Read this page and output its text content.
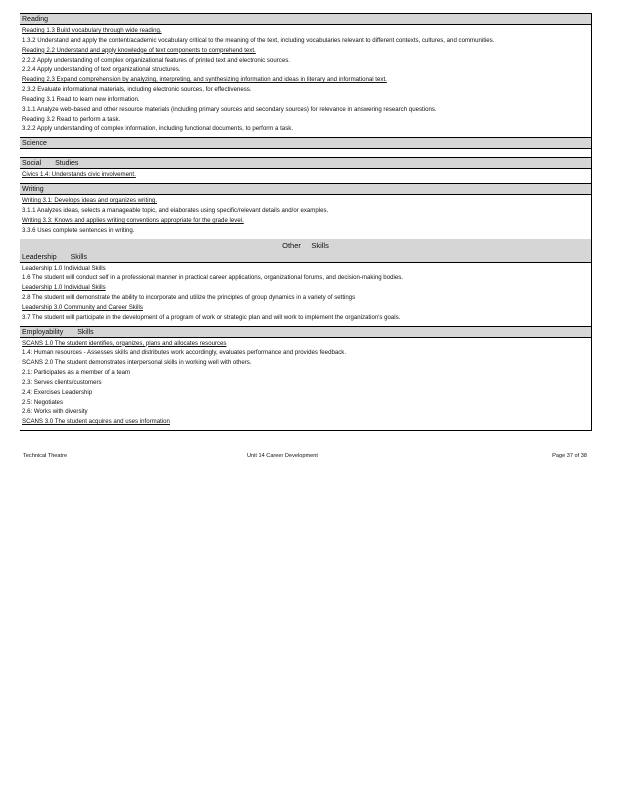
Reading
Reading 1.3 Build vocabulary through wide reading.
1.3.2 Understand and apply the content/academic vocabulary critical to the meaning of the text, including vocabularies relevant to different contexts, cultures, and communities.
Reading 2.2 Understand and apply knowledge of text components to comprehend text.
2.2.2 Apply understanding of complex organizational features of printed text and electronic sources.
2.2.4 Apply understanding of text organizational structures.
Reading 2.3 Expand comprehension by analyzing, interpreting, and synthesizing information and ideas in literary and informational text.
2.3.2 Evaluate informational materials, including electronic sources, for effectiveness.
Reading 3.1 Read to learn new information.
3.1.1 Analyze web-based and other resource materials (including primary sources and secondary sources) for relevance in answering research questions.
Reading 3.2 Read to perform a task.
3.2.2 Apply understanding of complex information, including functional documents, to perform a task.
Science
Social Studies
Civics 1.4: Understands civic involvement.
Writing
Writing 3.1: Develops ideas and organizes writing.
3.1.1 Analyzes ideas, selects a manageable topic, and elaborates using specific/relevant details and/or examples.
Writing 3.3: Knows and applies writing conventions appropriate for the grade level.
3.3.6 Uses complete sentences in writing.
Other Skills
Leadership Skills
Leadership 1.0 Individual Skills
1.6 The student will conduct self in a professional manner in practical career applications, organizational forums, and decision-making bodies.
Leadership 1.0 Individual Skills
2.8 The student will demonstrate the ability to incorporate and utilize the principles of group dynamics in a variety of settings
Leadership 3.0 Community and Career Skills
3.7 The student will participate in the development of a program of work or strategic plan and will work to implement the organization's goals.
Employability Skills
SCANS 1.0 The student identifies, organizes, plans and allocates resources
1.4: Human resources - Assesses skills and distributes work accordingly, evaluates performance and provides feedback.
SCANS 2.0 The student demonstrates interpersonal skills in working well with others.
2.1: Participates as a member of a team
2.3: Serves clients/customers
2.4: Exercises Leadership
2.5: Negotiates
2.6: Works with diversity
SCANS 3.0 The student acquires and uses information
Technical Theatre	Unit 14 Career Development	Page 37 of 38
